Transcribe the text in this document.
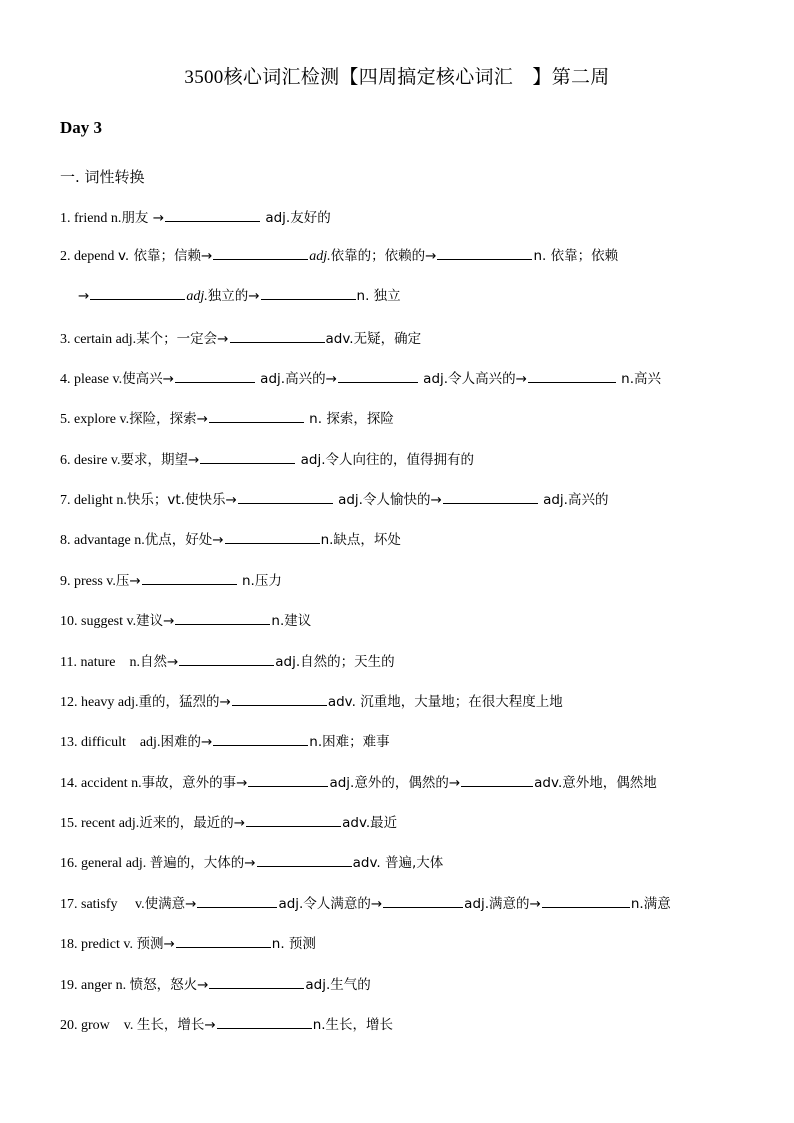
3500核心词汇检测【四周搞定核心词汇　】第二周
Day 3
一. 词性转换
1. friend n.朋友 →	adj.友好的
2. depend v. 依靠；信赖→	adj.依靠的；依赖的→	n. 依靠；依赖
→	adj.独立的→	n. 独立
3. certain adj.某个；一定会→	adv.无疑，确定
4. please v.使高兴→	adj.高兴的→	adj.令人高兴的→	n.高兴
5. explore v.探险，探索→	n. 探索，探险
6. desire v.要求，期望→	adj.令人向往的，值得拥有的
7. delight n.快乐；vt.使快乐→	adj.令人愉快的→	adj.高兴的
8. advantage n.优点，好处→	n.缺点，坏处
9. press v.压→	n.压力
10. suggest v.建议→	n.建议
11. nature    n.自然→	adj.自然的；天生的
12. heavy adj.重的，猛烈的→	adv. 沉重地，大量地；在很大程度上地
13. difficult    adj.困难的→	n.困难；难事
14. accident n.事故，意外的事→	adj.意外的，偶然的→	adv.意外地，偶然地
15. recent adj.近来的，最近的→	adv.最近
16. general adj. 普遍的，大体的→	adv. 普遍,大体
17. satisfy     v.使满意→	adj.令人满意的→	adj.满意的→	n.满意
18. predict v. 预测→	n. 预测
19. anger n. 愤怒，怒火→	adj.生气的
20. grow    v. 生长，增长→	n.生长，增长
